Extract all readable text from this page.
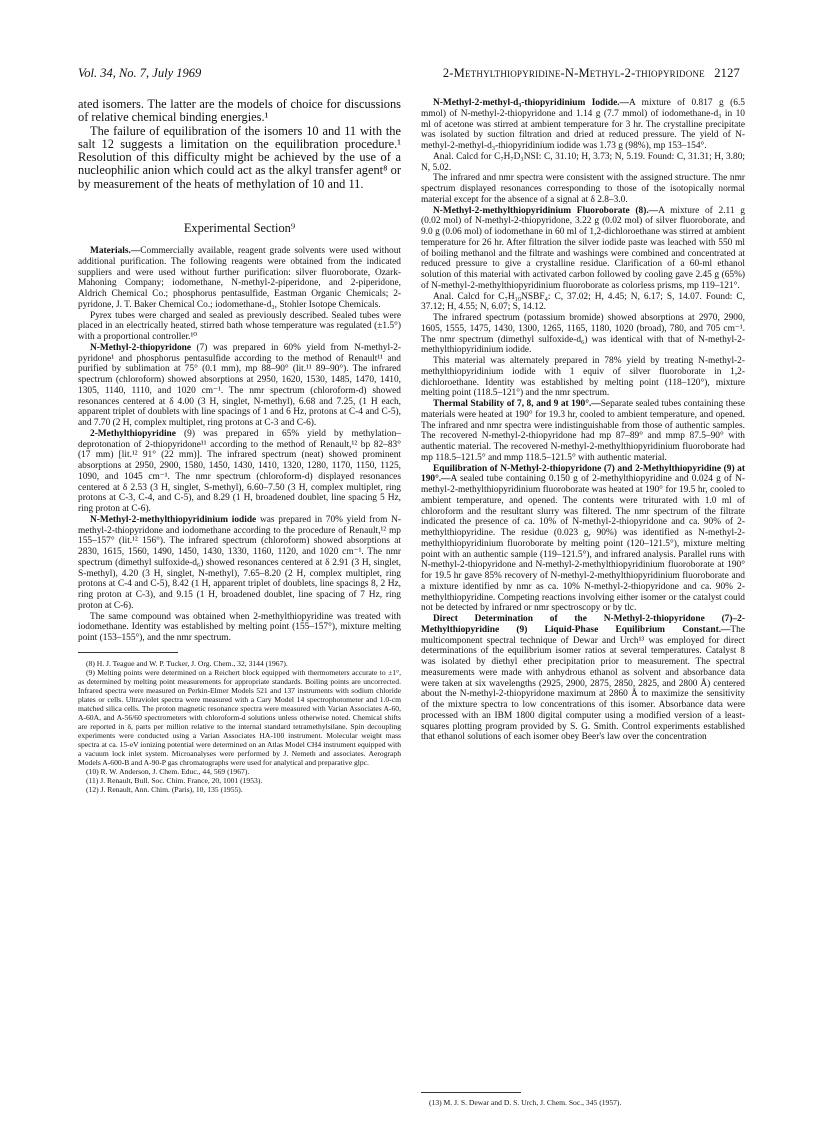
Vol. 34, No. 7, July 1969	2-Methylthiopyridine-N-Methyl-2-thiopyridone 2127

ated isomers. The latter are the models of choice for discussions of relative chemical binding energies.¹

The failure of equilibration of the isomers 10 and 11 with the salt 12 suggests a limitation on the equilibration procedure.¹ Resolution of this difficulty might be achieved by the use of a nucleophilic anion which could act as the alkyl transfer agent⁸ or by measurement of the heats of methylation of 10 and 11.

Experimental Section⁹

Materials.—Commercially available, reagent grade solvents were used without additional purification. The following reagents were obtained from the indicated suppliers and were used without further purification: silver fluoroborate, Ozark-Mahoning Company; iodomethane, N-methyl-2-piperidone, and 2-piperidone, Aldrich Chemical Co.; phosphorus pentasulfide, Eastman Organic Chemicals; 2-pyridone, J. T. Baker Chemical Co.; iodomethane-d₃, Stohler Isotope Chemicals.

Pyrex tubes were charged and sealed as previously described. Sealed tubes were placed in an electrically heated, stirred bath whose temperature was regulated (±1.5°) with a proportional controller.¹⁰

N-Methyl-2-thiopyridone (7) was prepared in 60% yield from N-methyl-2-pyridone¹ and phosphorus pentasulfide according to the method of Renault¹¹ and purified by sublimation at 75° (0.1 mm), mp 88–90° (lit.¹¹ 89–90°). The infrared spectrum (chloroform) showed absorptions at 2950, 1620, 1530, 1485, 1470, 1410, 1305, 1140, 1110, and 1020 cm⁻¹. The nmr spectrum (chloroform-d) showed resonances centered at δ 4.00 (3 H, singlet, N-methyl), 6.68 and 7.25, (1 H each, apparent triplet of doublets with line spacings of 1 and 6 Hz, protons at C-4 and C-5), and 7.70 (2 H, complex multiplet, ring protons at C-3 and C-6).

2-Methylthiopyridine (9) was prepared in 65% yield by methylation–deprotonation of 2-thiopyridone¹¹ according to the method of Renault,¹² bp 82–83° (17 mm) [lit.¹² 91° (22 mm)]. The infrared spectrum (neat) showed prominent absorptions at 2950, 2900, 1580, 1450, 1430, 1410, 1320, 1280, 1170, 1150, 1125, 1090, and 1045 cm⁻¹. The nmr spectrum (chloroform-d) displayed resonances centered at δ 2.53 (3 H, singlet, S-methyl), 6.60–7.50 (3 H, complex multiplet, ring protons at C-3, C-4, and C-5), and 8.29 (1 H, broadened doublet, line spacing 5 Hz, ring proton at C-6).

N-Methyl-2-methylthiopyridinium iodide was prepared in 70% yield from N-methyl-2-thiopyridone and iodomethane according to the procedure of Renault,¹² mp 155–157° (lit.¹² 156°). The infrared spectrum (chloroform) showed absorptions at 2830, 1615, 1560, 1490, 1450, 1430, 1330, 1160, 1120, and 1020 cm⁻¹. The nmr spectrum (dimethyl sulfoxide-d₆) showed resonances centered at δ 2.91 (3 H, singlet, S-methyl), 4.20 (3 H, singlet, N-methyl), 7.65–8.20 (2 H, complex multiplet, ring protons at C-4 and C-5), 8.42 (1 H, apparent triplet of doublets, line spacings 8, 2 Hz, ring proton at C-3), and 9.15 (1 H, broadened doublet, line spacing of 7 Hz, ring proton at C-6).

The same compound was obtained when 2-methylthiopyridine was treated with iodomethane. Identity was established by melting point (155–157°), mixture melting point (153–155°), and the nmr spectrum.

(8) H. J. Teague and W. P. Tucker, J. Org. Chem., 32, 3144 (1967).

(9) Melting points were determined on a Reichert block equipped with thermometers accurate to ±1°, as determined by melting point measurements for appropriate standards. Boiling points are uncorrected. Infrared spectra were measured on Perkin-Elmer Models 521 and 137 instruments with sodium chloride plates or cells. Ultraviolet spectra were measured with a Cary Model 14 spectrophotometer and 1.0-cm matched silica cells. The proton magnetic resonance spectra were measured with Varian Associates A-60, A-60A, and A-56/60 spectrometers with chloroform-d solutions unless otherwise noted. Chemical shifts are reported in δ, parts per million relative to the internal standard tetramethylsilane. Spin decoupling experiments were conducted using a Varian Associates HA-100 instrument. Molecular weight mass spectra at ca. 15-eV ionizing potential were determined on an Atlas Model CH4 instrument equipped with a vacuum lock inlet system. Microanalyses were performed by J. Nemeth and associates. Aerograph Models A-600-B and A-90-P gas chromatographs were used for analytical and preparative glpc.

(10) R. W. Anderson, J. Chem. Educ., 44, 569 (1967).

(11) J. Renault, Bull. Soc. Chim. France, 20, 1001 (1953).

(12) J. Renault, Ann. Chim. (Paris), 10, 135 (1955).

N-Methyl-2-methyl-d₃-thiopyridinium Iodide.—A mixture of 0.817 g (6.5 mmol) of N-methyl-2-thiopyridone and 1.14 g (7.7 mmol) of iodomethane-d₃ in 10 ml of acetone was stirred at ambient temperature for 3 hr. The crystalline precipitate was isolated by suction filtration and dried at reduced pressure. The yield of N-methyl-2-methyl-d₃-thiopyridinium iodide was 1.73 g (98%), mp 153–154°.

Anal. Calcd for C₇H₇D₃NSI: C, 31.10; H, 3.73; N, 5.19. Found: C, 31.31; H, 3.80; N, 5.02.

The infrared and nmr spectra were consistent with the assigned structure. The nmr spectrum displayed resonances corresponding to those of the isotopically normal material except for the absence of a signal at δ 2.8–3.0.

N-Methyl-2-methylthiopyridinium Fluoroborate (8).—A mixture of 2.11 g (0.02 mol) of N-methyl-2-thiopyridone, 3.22 g (0.02 mol) of silver fluoroborate, and 9.0 g (0.06 mol) of iodomethane in 60 ml of 1,2-dichloroethane was stirred at ambient temperature for 26 hr. After filtration the silver iodide paste was leached with 550 ml of boiling methanol and the filtrate and washings were combined and concentrated at reduced pressure to give a crystalline residue. Clarification of a 60-ml ethanol solution of this material with activated carbon followed by cooling gave 2.45 g (65%) of N-methyl-2-methylthiopyridinium fluoroborate as colorless prisms, mp 119–121°.

Anal. Calcd for C₇H₁₀NSBF₄: C, 37.02; H, 4.45; N, 6.17; S, 14.07. Found: C, 37.12; H, 4.55; N, 6.07; S, 14.12.

The infrared spectrum (potassium bromide) showed absorptions at 2970, 2900, 1605, 1555, 1475, 1430, 1300, 1265, 1165, 1180, 1020 (broad), 780, and 705 cm⁻¹. The nmr spectrum (dimethyl sulfoxide-d₆) was identical with that of N-methyl-2-methylthiopyridinium iodide.

This material was alternately prepared in 78% yield by treating N-methyl-2-methylthiopyridinium iodide with 1 equiv of silver fluoroborate in 1,2-dichloroethane. Identity was established by melting point (118–120°), mixture melting point (118.5–121°) and the nmr spectrum.

Thermal Stability of 7, 8, and 9 at 190°.—Separate sealed tubes containing these materials were heated at 190° for 19.3 hr, cooled to ambient temperature, and opened. The infrared and nmr spectra were indistinguishable from those of authentic samples. The recovered N-methyl-2-thiopyridone had mp 87–89° and mmp 87.5–90° with authentic material. The recovered N-methyl-2-methylthiopyridinium fluoroborate had mp 118.5–121.5° and mmp 118.5–121.5° with authentic material.

Equilibration of N-Methyl-2-thiopyridone (7) and 2-Methylthiopyridine (9) at 190°.—A sealed tube containing 0.150 g of 2-methylthiopyridine and 0.024 g of N-methyl-2-methylthiopyridinium fluoroborate was heated at 190° for 19.5 hr, cooled to ambient temperature, and opened. The contents were triturated with 1.0 ml of chloroform and the resultant slurry was filtered. The nmr spectrum of the filtrate indicated the presence of ca. 10% of N-methyl-2-thiopyridone and ca. 90% of 2-methylthiopyridine. The residue (0.023 g, 90%) was identified as N-methyl-2-methylthiopyridinium fluoroborate by melting point (120–121.5°), mixture melting point with an authentic sample (119–121.5°), and infrared analysis. Parallel runs with N-methyl-2-thiopyridone and N-methyl-2-methylthiopyridinium fluoroborate at 190° for 19.5 hr gave 85% recovery of N-methyl-2-methylthiopyridinium fluoroborate and a mixture identified by nmr as ca. 10% N-methyl-2-thiopyridone and ca. 90% 2-methylthiopyridine. Competing reactions involving either isomer or the catalyst could not be detected by infrared or nmr spectroscopy or by tlc.

Direct Determination of the N-Methyl-2-thiopyridone (7)–2-Methylthiopyridine (9) Liquid-Phase Equilibrium Constant.—The multicomponent spectral technique of Dewar and Urch¹³ was employed for direct determinations of the equilibrium isomer ratios at several temperatures. Catalyst 8 was isolated by diethyl ether precipitation prior to measurement. The spectral measurements were made with anhydrous ethanol as solvent and absorbance data were taken at six wavelengths (2925, 2900, 2875, 2850, 2825, and 2800 Å) centered about the N-methyl-2-thiopyridone maximum at 2860 Å to maximize the sensitivity of the mixture spectra to low concentrations of this isomer. Absorbance data were processed with an IBM 1800 digital computer using a modified version of a least-squares plotting program provided by S. G. Smith. Control experiments established that ethanol solutions of each isomer obey Beer's law over the concentration

(13) M. J. S. Dewar and D. S. Urch, J. Chem. Soc., 345 (1957).
